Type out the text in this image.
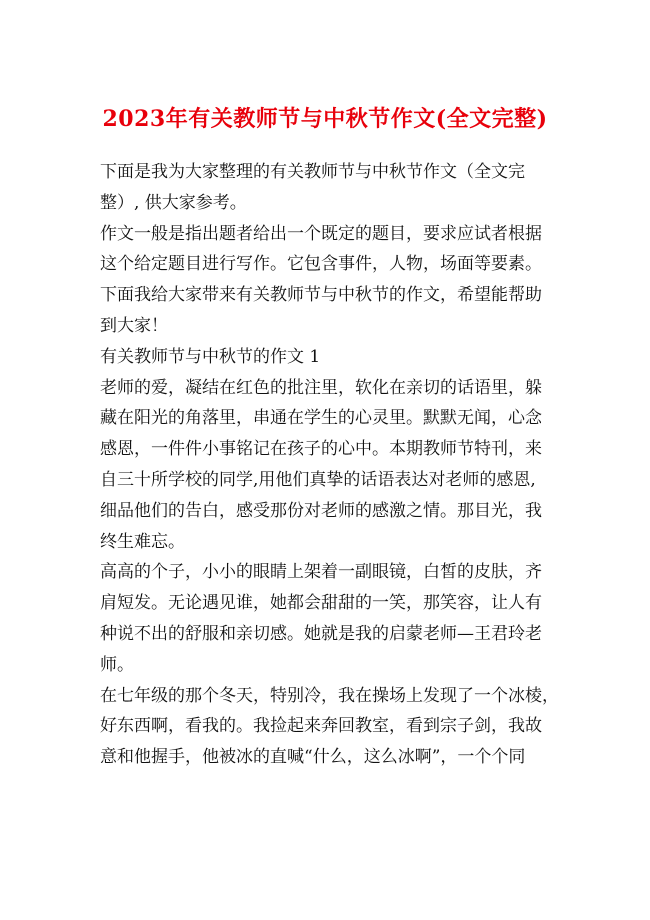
2023年有关教师节与中秋节作文(全文完整)
下面是我为大家整理的有关教师节与中秋节作文（全文完
整）, 供大家参考。
作文一般是指出题者给出一个既定的题目，要求应试者根据
这个给定题目进行写作。它包含事件，人物，场面等要素。
下面我给大家带来有关教师节与中秋节的作文，希望能帮助
到大家！
有关教师节与中秋节的作文 1
老师的爱，凝结在红色的批注里，软化在亲切的话语里，躲
藏在阳光的角落里，串通在学生的心灵里。默默无闻，心念
感恩，一件件小事铭记在孩子的心中。本期教师节特刊，来
自三十所学校的同学,用他们真挚的话语表达对老师的感恩,
细品他们的告白，感受那份对老师的感激之情。那目光，我
终生难忘。
高高的个子，小小的眼睛上架着一副眼镜，白皙的皮肤，齐
肩短发。无论遇见谁，她都会甜甜的一笑，那笑容，让人有
种说不出的舒服和亲切感。她就是我的启蒙老师—王君玲老
师。
在七年级的那个冬天，特别冷，我在操场上发现了一个冰棱，
好东西啊，看我的。我捡起来奔回教室，看到宗子剑，我故
意和他握手，他被冰的直喊“什么，这么冰啊”，一个个同
